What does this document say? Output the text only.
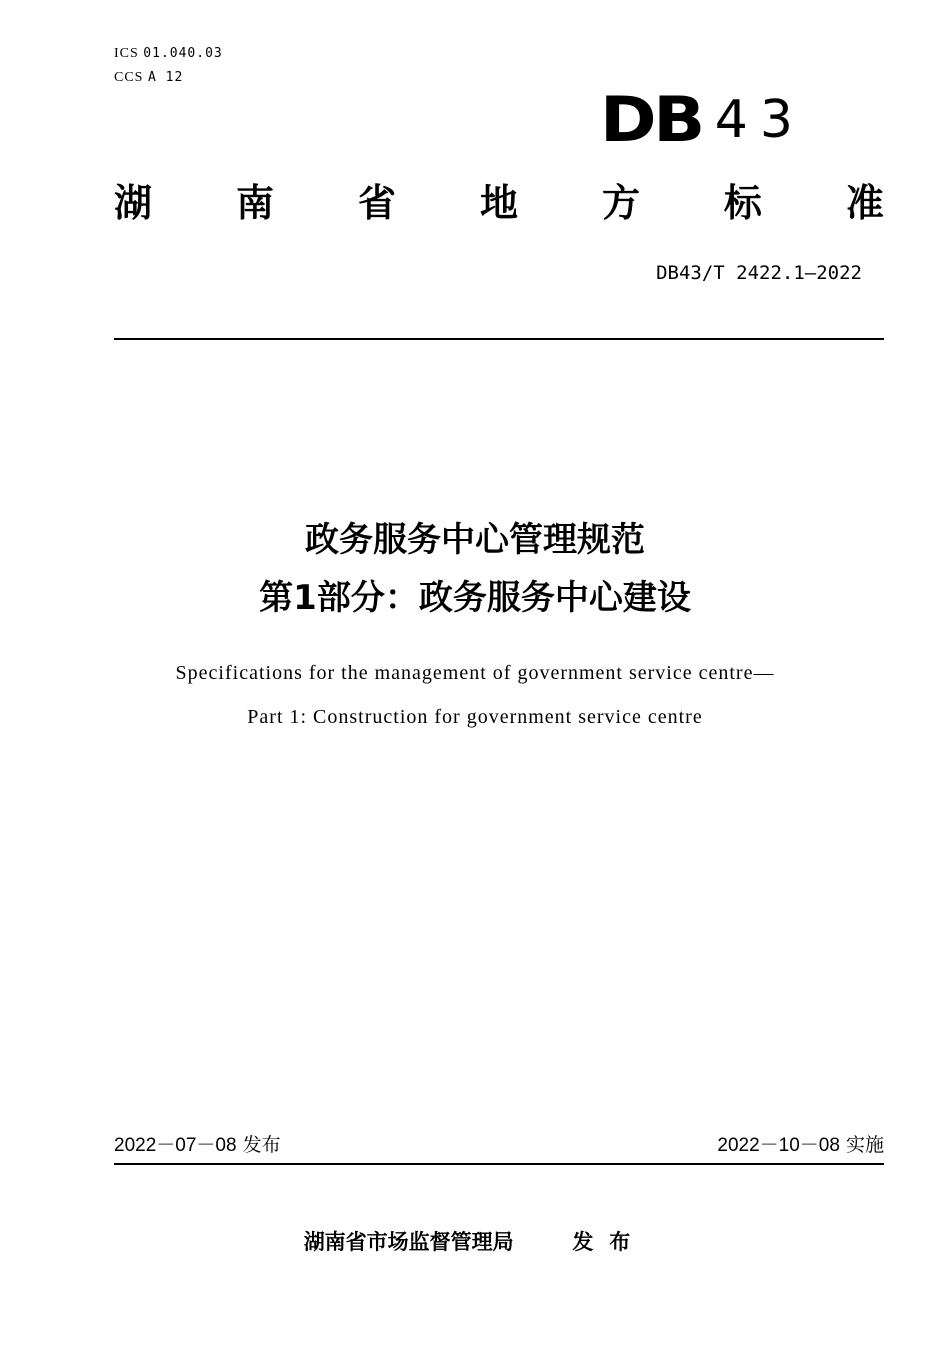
ICS 01.040.03
CCS A 12
DB 43
湖 南 省 地 方 标 准
DB43/T 2422.1—2022
政务服务中心管理规范
第1部分：政务服务中心建设
Specifications for the management of government service centre—
Part 1: Construction for government service centre
2022－07－08 发布	2022－10－08 实施
湖南省市场监督管理局	发布
